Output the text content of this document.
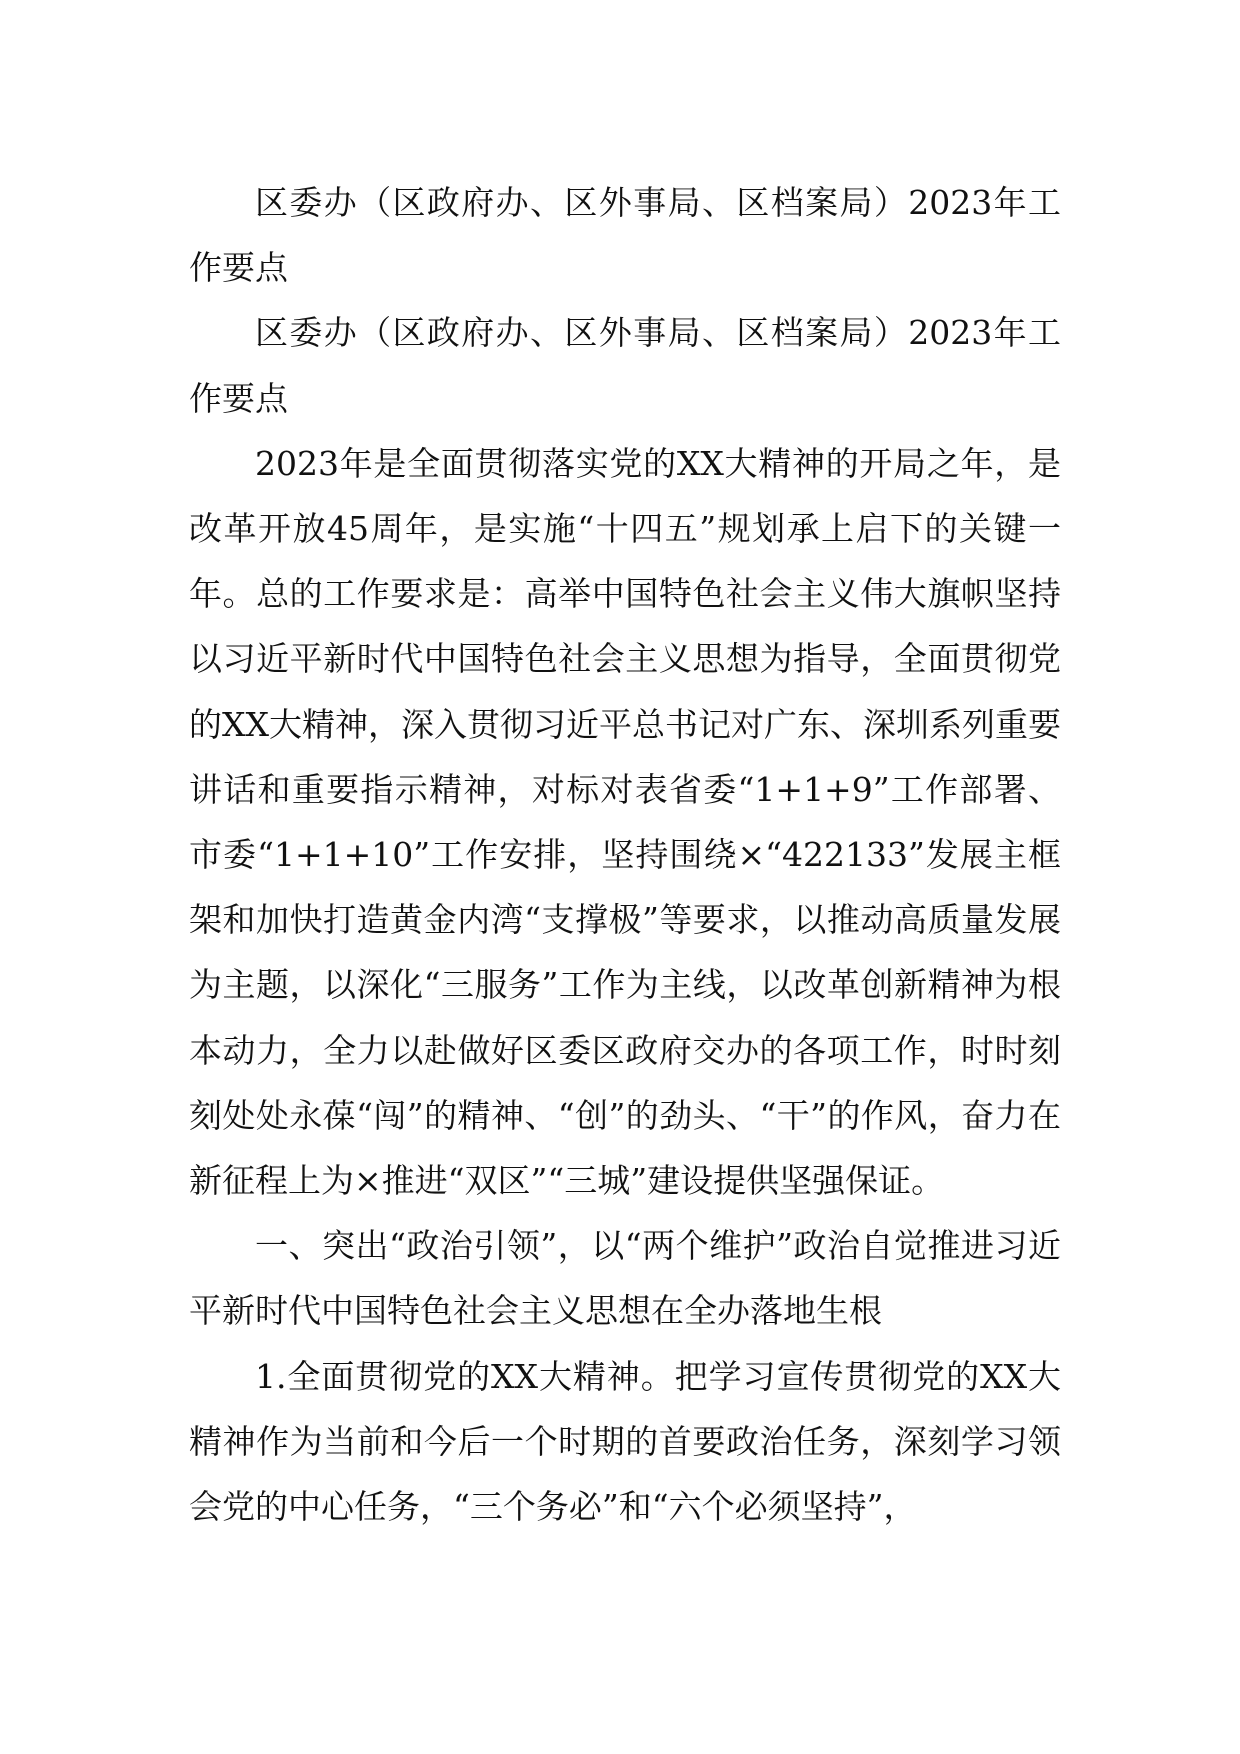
区委办（区政府办、区外事局、区档案局）2023年工作要点

区委办（区政府办、区外事局、区档案局）2023年工作要点

2023年是全面贯彻落实党的XX大精神的开局之年，是改革开放45周年，是实施“十四五”规划承上启下的关键一年。总的工作要求是：高举中国特色社会主义伟大旗帜坚持以习近平新时代中国特色社会主义思想为指导，全面贯彻党的XX大精神，深入贯彻习近平总书记对广东、深圳系列重要讲话和重要指示精神，对标对表省委“1+1+9”工作部署、市委“1+1+10”工作安排，坚持围绕×“422133”发展主框架和加快打造黄金内湾“支撑极”等要求，以推动高质量发展为主题，以深化“三服务”工作为主线，以改革创新精神为根本动力，全力以赴做好区委区政府交办的各项工作，时时刻刻处处永葆“闯”的精神、“创”的劲头、“干”的作风，奋力在新征程上为×推进“双区”“三城”建设提供坚强保证。

一、突出“政治引领”，以“两个维护”政治自觉推进习近平新时代中国特色社会主义思想在全办落地生根

1.全面贯彻党的XX大精神。把学习宣传贯彻党的XX大精神作为当前和今后一个时期的首要政治任务，深刻学习领会党的中心任务，“三个务必”和“六个必须坚持”，
